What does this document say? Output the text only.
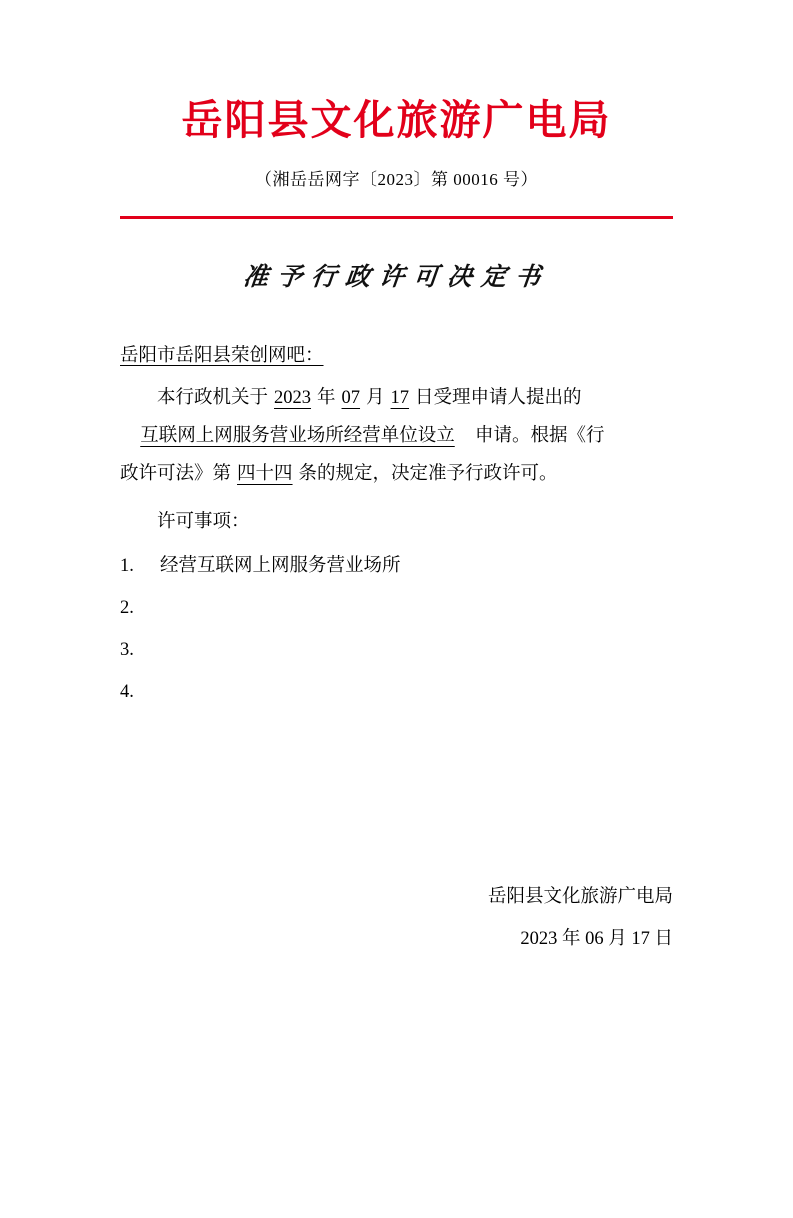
岳阳县文化旅游广电局
（湘岳岳网字〔2023〕第 00016 号）
准予行政许可决定书
岳阳市岳阳县荣创网吧：
本行政机关于 2023 年 07 月 17 日受理申请人提出的
互联网上网服务营业场所经营单位设立 申请。根据《行
政许可法》第 四十四 条的规定，决定准予行政许可。
许可事项：
1. 经营互联网上网服务营业场所
2.
3.
4.
岳阳县文化旅游广电局
2023 年 06 月 17 日
